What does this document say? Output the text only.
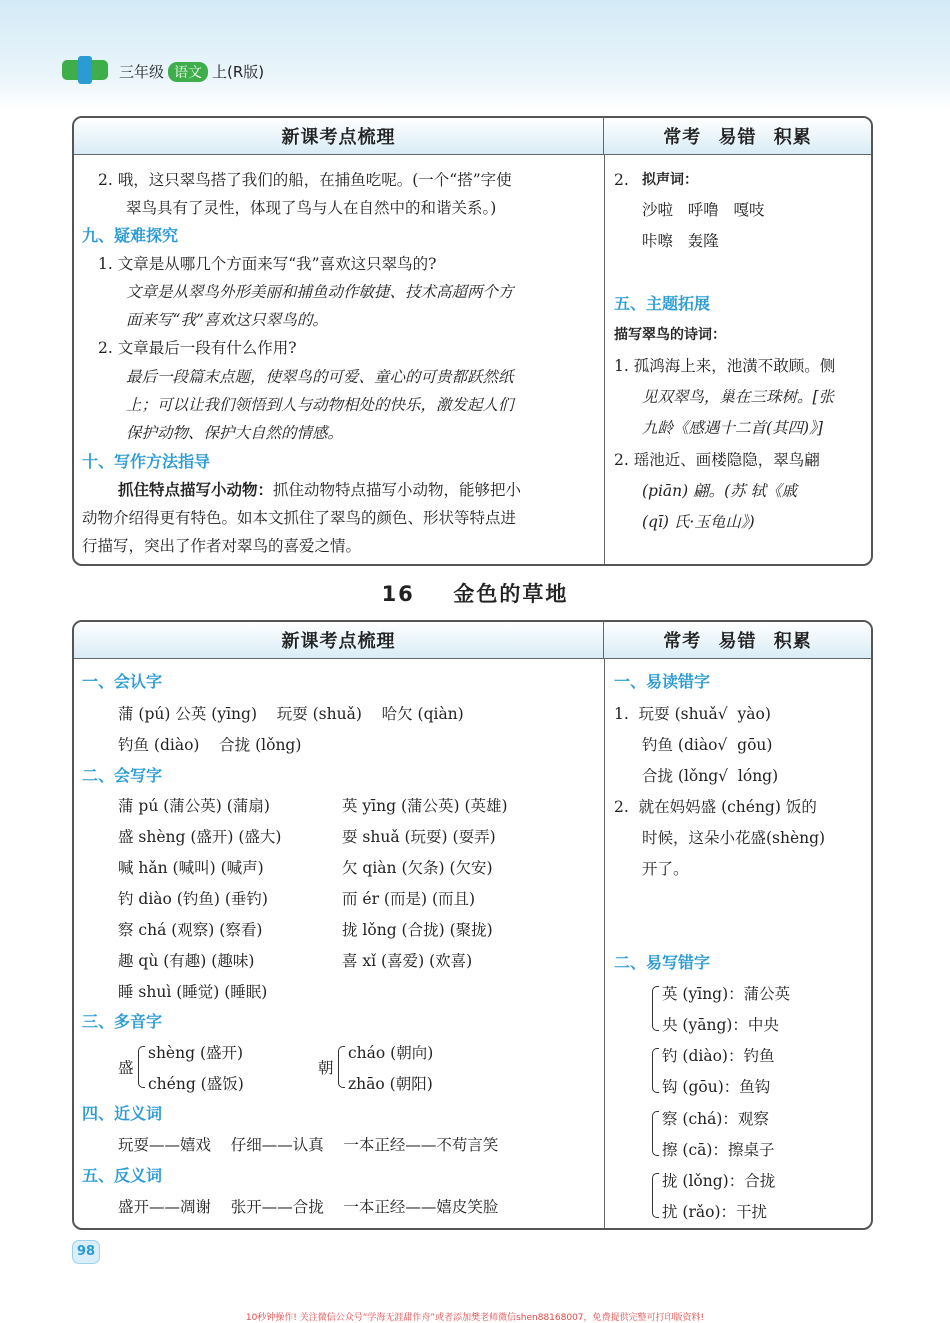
三年级 语文 上(R版)
新课考点梳理	常考 易错 积累
2. 哦，这只翠鸟搭了我们的船，在捕鱼吃呢。(一个“搭”字使
翠鸟具有了灵性，体现了鸟与人在自然中的和谐关系。)
九、疑难探究
1. 文章是从哪几个方面来写“我”喜欢这只翠鸟的?
文章是从翠鸟外形美丽和捕鱼动作敏捷、技术高超两个方
面来写“我”喜欢这只翠鸟的。
2. 文章最后一段有什么作用?
最后一段篇末点题，使翠鸟的可爱、童心的可贵都跃然纸
上；可以让我们领悟到人与动物相处的快乐，激发起人们
保护动物、保护大自然的情感。
十、写作方法指导
抓住特点描写小动物：抓住动物特点描写小动物，能够把小
动物介绍得更有特色。如本文抓住了翠鸟的颜色、形状等特点进
行描写，突出了作者对翠鸟的喜爱之情。
2. 拟声词：
沙啦   呼噜   嘎吱
咔嚓   轰隆
五、主题拓展
描写翠鸟的诗词：
1. 孤鸿海上来，池潢不敢顾。侧
见双翠鸟，巢在三珠树。[张
九龄《感遇十二首(其四)》]
2. 瑶池近、画楼隐隐，翠鸟翩
(piān) 翩。(苏 轼《戚
(qī) 氏·玉龟山》)
16 金色的草地
新课考点梳理	常考 易错 积累
一、会认字
蒲 (pú) 公英 (yīng)    玩耍 (shuǎ)    哈欠 (qiàn)
钓鱼 (diào)    合拢 (lǒng)
二、会写字
蒲 pú (蒲公英) (蒲扇)	英 yīng (蒲公英) (英雄)
盛 shèng (盛开) (盛大)	耍 shuǎ (玩耍) (耍弄)
喊 hǎn (喊叫) (喊声)	欠 qiàn (欠条) (欠安)
钓 diào (钓鱼) (垂钓)	而 ér (而是) (而且)
察 chá (观察) (察看)	拢 lǒng (合拢) (聚拢)
趣 qù (有趣) (趣味)	喜 xǐ (喜爱) (欢喜)
睡 shuì (睡觉) (睡眠)
三、多音字
盛
shèng (盛开)
chéng (盛饭)
朝
cháo (朝向)
zhāo (朝阳)
四、近义词
玩耍——嬉戏    仔细——认真    一本正经——不苟言笑
五、反义词
盛开——凋谢    张开——合拢    一本正经——嬉皮笑脸
一、易读错字
1.  玩耍 (shuǎ√  yào)
钓鱼 (diào√  gōu)
合拢 (lǒng√  lóng)
2.  就在妈妈盛 (chéng) 饭的
时候，这朵小花盛(shèng)
开了。
二、易写错字
英 (yīng)：蒲公英
央 (yāng)：中央
钓 (diào)：钓鱼
钩 (gōu)：鱼钩
察 (chá)：观察
擦 (cā)：擦桌子
拢 (lǒng)：合拢
扰 (rǎo)：干扰
98
10秒钟操作! 关注微信公众号“学海无涯甜作舟”或者添加樊老师微信shen88168007，免费提供完整可打印版资料!
